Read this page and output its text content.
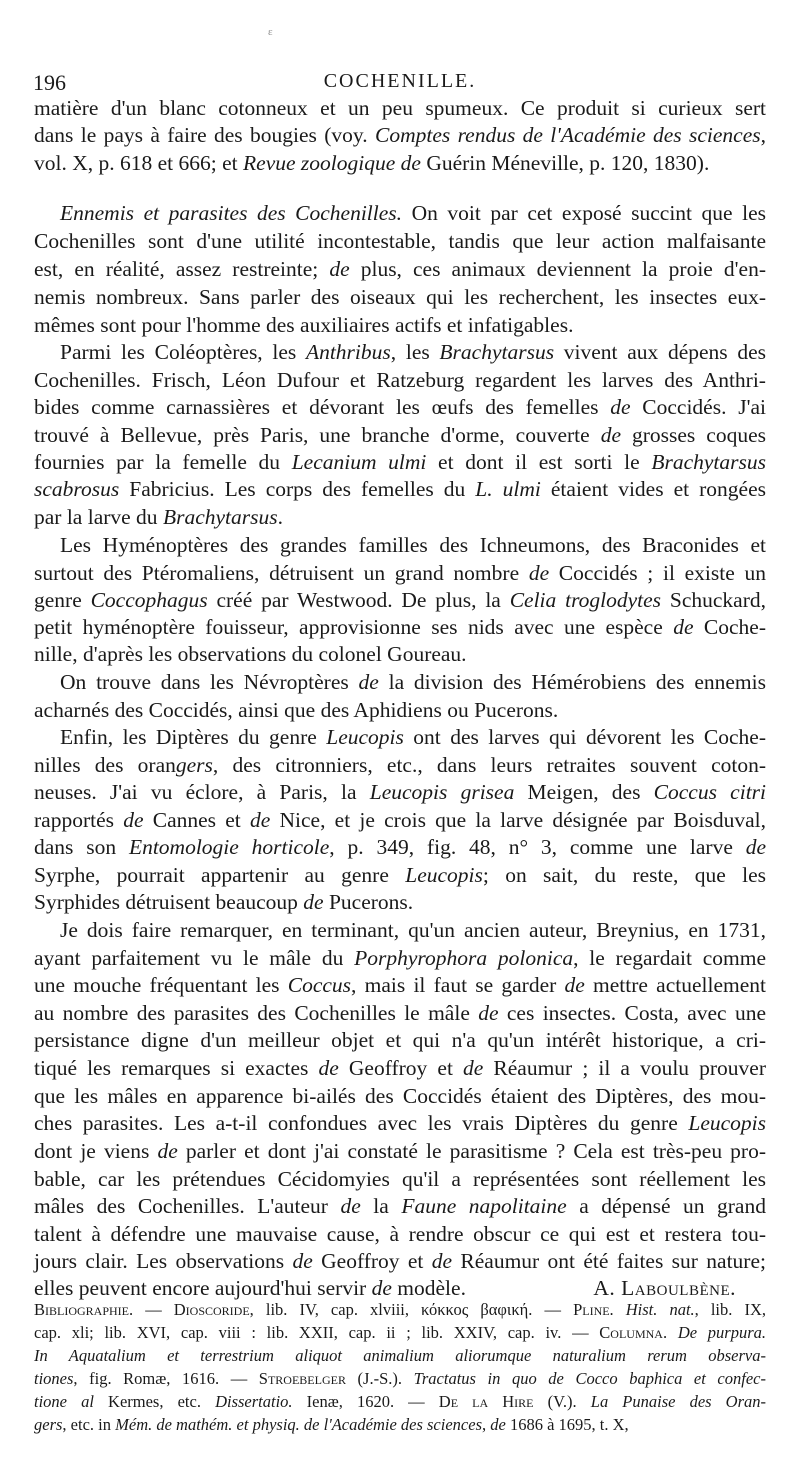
ε
196	COCHENILLE.
matière d'un blanc cotonneux et un peu spumeux. Ce produit si curieux sert
dans le pays à faire des bougies (voy. Comptes rendus de l'Académie des sciences,
vol. X, p. 618 et 666; et Revue zoologique de Guérin Méneville, p. 120, 1830).
Ennemis et parasites des Cochenilles. On voit par cet exposé succint que les
Cochenilles sont d'une utilité incontestable, tandis que leur action malfaisante
est, en réalité, assez restreinte; de plus, ces animaux deviennent la proie d'en-
nemis nombreux. Sans parler des oiseaux qui les recherchent, les insectes eux-
mêmes sont pour l'homme des auxiliaires actifs et infatigables.
Parmi les Coléoptères, les Anthribus, les Brachytarsus vivent aux dépens des
Cochenilles. Frisch, Léon Dufour et Ratzeburg regardent les larves des Anthri-
bides comme carnassières et dévorant les œufs des femelles de Coccidés. J'ai
trouvé à Bellevue, près Paris, une branche d'orme, couverte de grosses coques
fournies par la femelle du Lecanium ulmi et dont il est sorti le Brachytarsus
scabrosus Fabricius. Les corps des femelles du L. ulmi étaient vides et rongées
par la larve du Brachytarsus.
Les Hyménoptères des grandes familles des Ichneumons, des Braconides et
surtout des Ptéromaliens, détruisent un grand nombre de Coccidés ; il existe un
genre Coccophagus créé par Westwood. De plus, la Celia troglodytes Schuckard,
petit hyménoptère fouisseur, approvisionne ses nids avec une espèce de Coche-
nille, d'après les observations du colonel Goureau.
On trouve dans les Névroptères de la division des Hémérobiens des ennemis
acharnés des Coccidés, ainsi que des Aphidiens ou Pucerons.
Enfin, les Diptères du genre Leucopis ont des larves qui dévorent les Coche-
nilles des orangers, des citronniers, etc., dans leurs retraites souvent coton-
neuses. J'ai vu éclore, à Paris, la Leucopis grisea Meigen, des Coccus citri
rapportés de Cannes et de Nice, et je crois que la larve désignée par Boisduval,
dans son Entomologie horticole, p. 349, fig. 48, n° 3, comme une larve de
Syrphe, pourrait appartenir au genre Leucopis; on sait, du reste, que les
Syrphides détruisent beaucoup de Pucerons.
Je dois faire remarquer, en terminant, qu'un ancien auteur, Breynius, en 1731,
ayant parfaitement vu le mâle du Porphyrophora polonica, le regardait comme
une mouche fréquentant les Coccus, mais il faut se garder de mettre actuellement
au nombre des parasites des Cochenilles le mâle de ces insectes. Costa, avec une
persistance digne d'un meilleur objet et qui n'a qu'un intérêt historique, a cri-
tiqué les remarques si exactes de Geoffroy et de Réaumur ; il a voulu prouver
que les mâles en apparence bi-ailés des Coccidés étaient des Diptères, des mou-
ches parasites. Les a-t-il confondues avec les vrais Diptères du genre Leucopis
dont je viens de parler et dont j'ai constaté le parasitisme ? Cela est très-peu pro-
bable, car les prétendues Cécidomyies qu'il a représentées sont réellement les
mâles des Cochenilles. L'auteur de la Faune napolitaine a dépensé un grand
talent à défendre une mauvaise cause, à rendre obscur ce qui est et restera tou-
jours clair. Les observations de Geoffroy et de Réaumur ont été faites sur nature;
elles peuvent encore aujourd'hui servir de modèle.	A. Laboulbène.
Bibliographie. — Dioscoride, lib. IV, cap. xlviii, κόκκος βαφική. — Pline. Hist. nat., lib. IX,
cap. xli; lib. XVI, cap. viii : lib. XXII, cap. ii ; lib. XXIV, cap. iv. — Columna. De purpura.
In Aquatalium et terrestrium aliquot animalium aliorumque naturalium rerum observa-
tiones, fig. Romæ, 1616. — Stroebelger (J.-S.). Tractatus in quo de Cocco baphica et confec-
tione al Kermes, etc. Dissertatio. Ienæ, 1620. — De la Hire (V.). La Punaise des Oran-
gers, etc. in Mém. de mathém. et physiq. de l'Académie des sciences, de 1686 à 1695, t. X,
